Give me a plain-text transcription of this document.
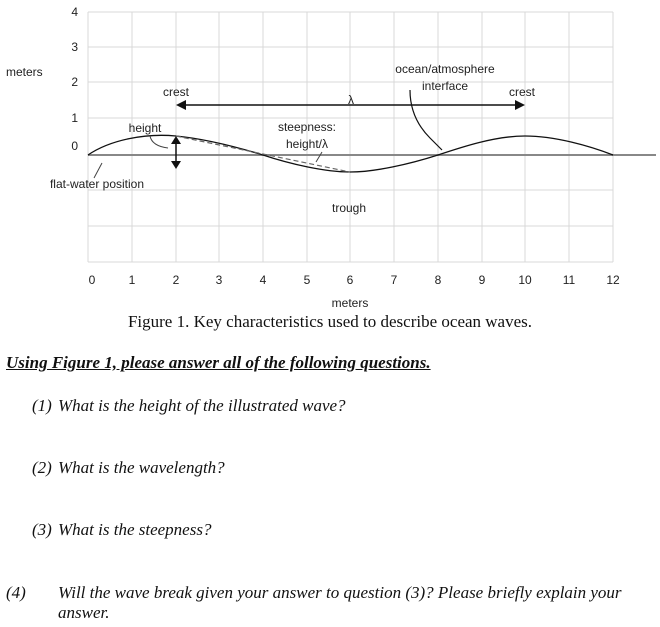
meters
4
3
2
1
0
0	1	2	3	4	5	6	7	8	9	10	11	12
meters
crest
λ
ocean/atmosphere
interface	crest
height	steepness:
height/λ
flat-water position
trough
Figure 1. Key characteristics used to describe ocean waves.
Using Figure 1, please answer all of the following questions.
(1) What is the height of the illustrated wave?
(2) What is the wavelength?
(3) What is the steepness?
(4) Will the wave break given your answer to question (3)? Please briefly explain your answer.
